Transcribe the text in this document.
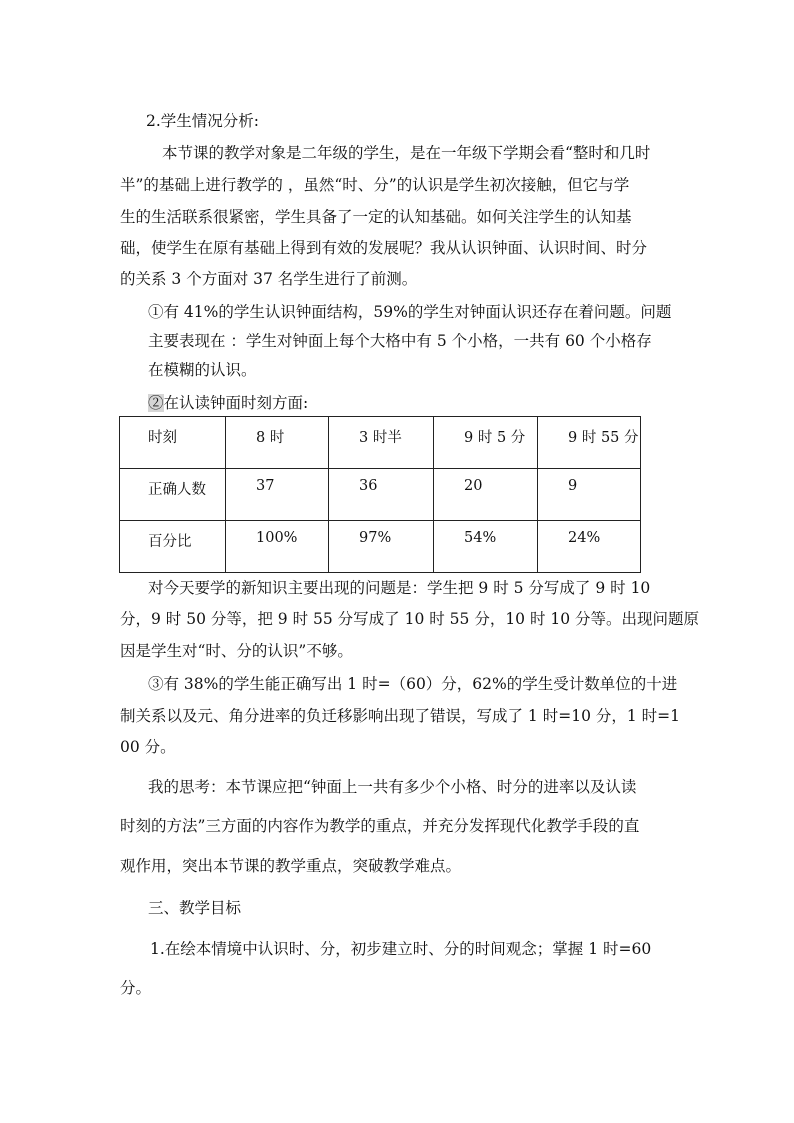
2.学生情况分析:
本节课的教学对象是二年级的学生，是在一年级下学期会看“整时和几时
半”的基础上进行教学的 ，虽然“时、分”的认识是学生初次接触，但它与学
生的生活联系很紧密，学生具备了一定的认知基础。如何关注学生的认知基
础，使学生在原有基础上得到有效的发展呢？我从认识钟面、认识时间、时分
的关系 3 个方面对 37 名学生进行了前测。
①有 41%的学生认识钟面结构，59%的学生对钟面认识还存在着问题。问题
主要表现在 ：学生对钟面上每个大格中有 5 个小格，一共有 60 个小格存
在模糊的认识。
②在认读钟面时刻方面:
时刻	8 时	3 时半	9 时 5 分	9 时 55 分
正确人数	37	36	20	9
百分比	100%	97%	54%	24%
对今天要学的新知识主要出现的问题是：学生把 9 时 5 分写成了 9 时 10
分，9 时 50 分等，把 9 时 55 分写成了 10 时 55 分，10 时 10 分等。出现问题原
因是学生对“时、分的认识”不够。
③有 38%的学生能正确写出 1 时=（60）分，62%的学生受计数单位的十进
制关系以及元、角分进率的负迁移影响出现了错误，写成了 1 时=10 分，1 时=1
00 分。
我的思考：本节课应把“钟面上一共有多少个小格、时分的进率以及认读
时刻的方法”三方面的内容作为教学的重点，并充分发挥现代化教学手段的直
观作用，突出本节课的教学重点，突破教学难点。
三、教学目标
1.在绘本情境中认识时、分，初步建立时、分的时间观念；掌握 1 时=60
分。
